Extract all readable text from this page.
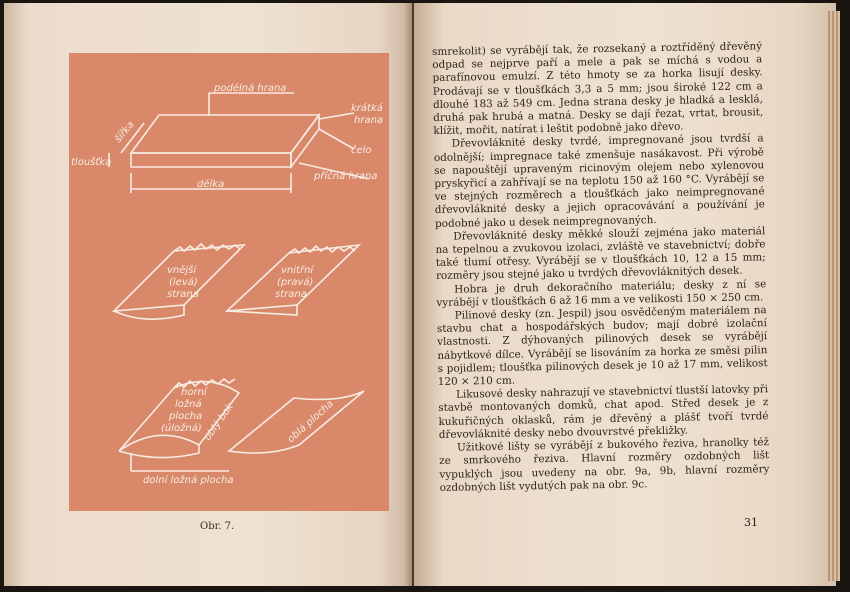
podélná hrana
krátká
hrana
šířka
tloušťka
čelo
příčná hrana
délka
vnější
(levá)
strana
vnitřní
(pravá)
strana
horní
ložná
plocha
(úložná) oblý bok	oblá plocha
dolní ložná plocha
Obr. 7.

smrekolit) se vyrábějí tak, že rozsekaný a roztříděný dřevěný odpad se nejprve paří a mele a pak se míchá s vodou a parafínovou emulzí. Z této hmoty se za horka lisují desky. Prodávají se v tloušťkách 3,3 a 5 mm; jsou široké 122 cm a dlouhé 183 až 549 cm. Jedna strana desky je hladká a lesklá, druhá pak hrubá a matná. Desky se dají řezat, vrtat, brousit, klížit, mořit, natírat i leštit podobně jako dřevo.

Dřevovláknité desky tvrdé, impregnované jsou tvrdší a odolnější; impregnace také zmenšuje nasákavost. Při výrobě se napouštějí upraveným ricinovým olejem nebo xylenovou pryskyřicí a zahřívají se na teplotu 150 až 160 °C. Vyrábějí se ve stejných rozměrech a tloušťkách jako neimpregnované dřevovláknité desky a jejich opracovávání a používání je podobné jako u desek neimpregnovaných.

Dřevovláknité desky měkké slouží zejména jako materiál na tepelnou a zvukovou izolaci, zvláště ve stavebnictví; dobře také tlumí otřesy. Vyrábějí se v tloušťkách 10, 12 a 15 mm; rozměry jsou stejné jako u tvrdých dřevovláknitých desek.

Hobra je druh dekoračního materiálu; desky z ní se vyrábějí v tloušťkách 6 až 16 mm a ve velikosti 150 × 250 cm.

Pilinové desky (zn. Jespil) jsou osvědčeným materiálem na stavbu chat a hospodářských budov; mají dobré izolační vlastnosti. Z dýhovaných pilinových desek se vyrábějí nábytkové dílce. Vyrábějí se lisováním za horka ze směsi pilin s pojidlem; tloušťka pilinových desek je 10 až 17 mm, velikost 120 × 210 cm.

Likusové desky nahrazují ve stavebnictví tlustší latovky při stavbě montovaných domků, chat apod. Střed desek je z kukuřičných oklasků, rám je dřevěný a plášť tvoří tvrdé dřevovláknité desky nebo dvouvrstvé překližky.

Užitkové lišty se vyrábějí z bukového řeziva, hranolky též ze smrkového řeziva. Hlavní rozměry ozdobných lišt vypuklých jsou uvedeny na obr. 9a, 9b, hlavní rozměry ozdobných lišt vydutých pak na obr. 9c.

31
